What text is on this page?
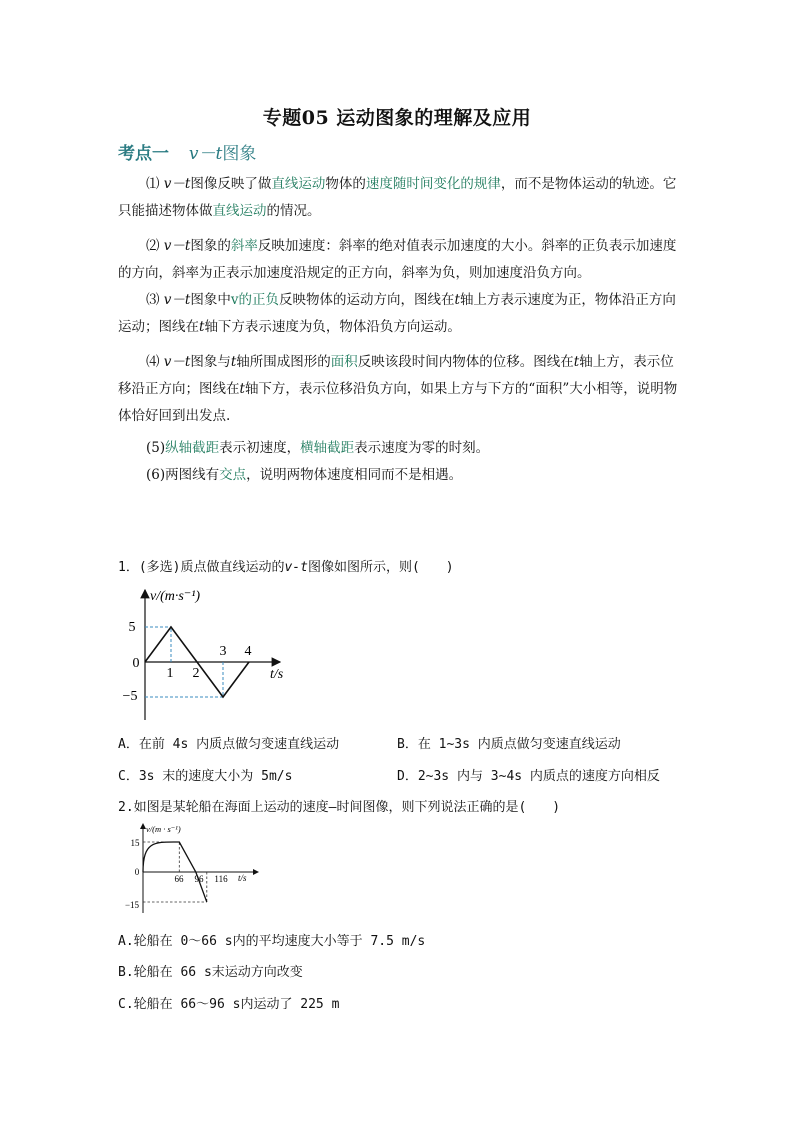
专题05 运动图象的理解及应用
考点一 v－t图象
⑴ v－t图像反映了做直线运动物体的速度随时间变化的规律，而不是物体运动的轨迹。它只能描述物体做直线运动的情况。
⑵ v－t图象的斜率反映加速度：斜率的绝对值表示加速度的大小。斜率的正负表示加速度的方向，斜率为正表示加速度沿规定的正方向，斜率为负，则加速度沿负方向。
⑶ v－t图象中v的正负反映物体的运动方向，图线在t轴上方表示速度为正，物体沿正方向运动；图线在t轴下方表示速度为负，物体沿负方向运动。
⑷ v－t图象与t轴所围成图形的面积反映该段时间内物体的位移。图线在t轴上方，表示位移沿正方向；图线在t轴下方，表示位移沿负方向，如果上方与下方的“面积”大小相等，说明物体恰好回到出发点.
(5)纵轴截距表示初速度，横轴截距表示速度为零的时刻。
(6)两图线有交点，说明两物体速度相同而不是相遇。
1．(多选)质点做直线运动的v-t图像如图所示，则(　　)
v/(m·s⁻¹)
t/s
5
0
−5
1 2
3 4
A．在前 4s 内质点做匀变速直线运动	B．在 1~3s 内质点做匀变速直线运动
C．3s 末的速度大小为 5m/s	D．2~3s 内与 3~4s 内质点的速度方向相反
2.如图是某轮船在海面上运动的速度—时间图像，则下列说法正确的是(　　)
v/(m · s⁻¹)
t/s
15
0
−15
66 96 116
A.轮船在 0～66 s内的平均速度大小等于 7.5 m/s
B.轮船在 66 s末运动方向改变
C.轮船在 66～96 s内运动了 225 m
